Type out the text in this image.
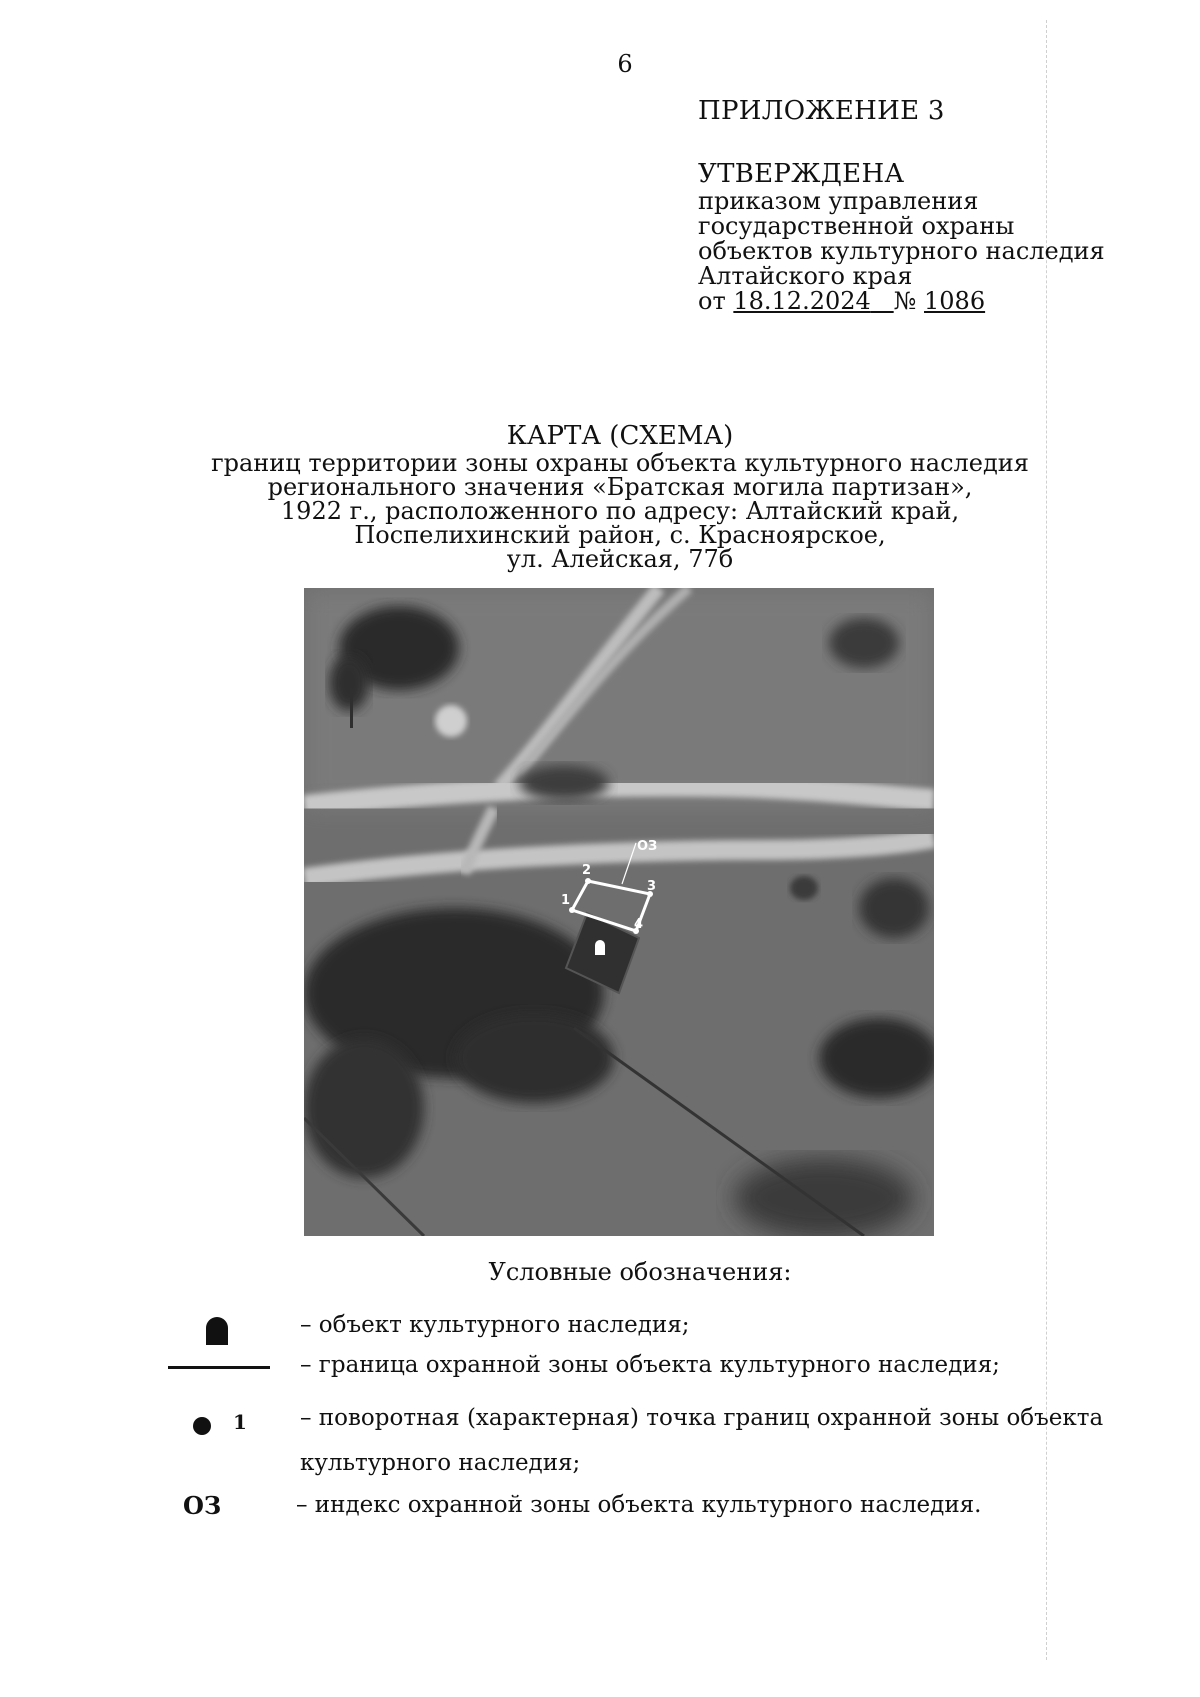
6
ПРИЛОЖЕНИЕ 3
УТВЕРЖДЕНА
приказом управления
государственной охраны
объектов культурного наследия
Алтайского края
от 18.12.2024 № 1086
КАРТА (СХЕМА)
границ территории зоны охраны объекта культурного наследия
регионального значения «Братская могила партизан»,
1922 г., расположенного по адресу: Алтайский край,
Поспелихинский район, с. Красноярское,
ул. Алейская, 77б
1
2
3
4
ОЗ
Условные обозначения:
– объект культурного наследия;
– граница охранной зоны объекта культурного наследия;
1 – поворотная (характерная) точка границ охранной зоны объекта
культурного наследия;
ОЗ	– индекс охранной зоны объекта культурного наследия.
